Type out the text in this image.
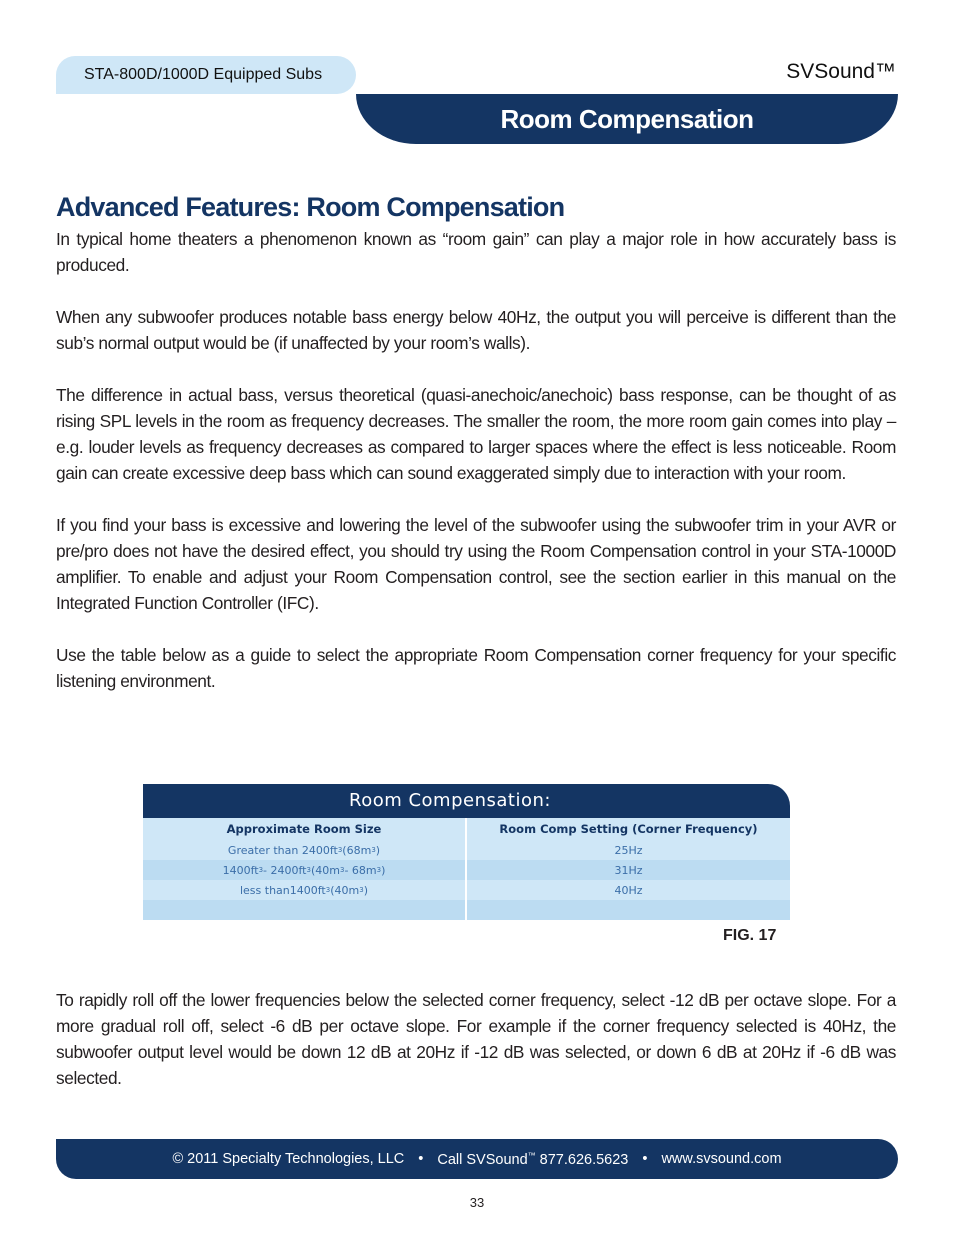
STA-800D/1000D Equipped Subs	SVSound™
Room Compensation
Advanced Features: Room Compensation

In typical home theaters a phenomenon known as “room gain” can play a major role in how accurately bass is produced.

When any subwoofer produces notable bass energy below 40Hz, the output you will perceive is different than the sub’s normal output would be (if unaffected by your room’s walls).

The difference in actual bass, versus theoretical (quasi-anechoic/anechoic) bass response, can be thought of as rising SPL levels in the room as frequency decreases. The smaller the room, the more room gain comes into play – e.g. louder levels as frequency decreases as compared to larger spaces where the effect is less noticeable. Room gain can create excessive deep bass which can sound exaggerated simply due to interaction with your room.

If you find your bass is excessive and lowering the level of the subwoofer using the subwoofer trim in your AVR or pre/pro does not have the desired effect, you should try using the Room Compensation control in your STA-1000D amplifier. To enable and adjust your Room Compensation control, see the section earlier in this manual on the Integrated Function Controller (IFC).

Use the table below as a guide to select the appropriate Room Compensation corner frequency for your specific listening environment.

Room Compensation:
Approximate Room Size	Room Comp Setting (Corner Frequency)
Greater than 2400ft 3 (68m 3 )	25Hz
1400ft 3 - 2400ft 3 (40m 3 - 68m 3 )	31Hz
less than1400ft 3 (40m 3 )	40Hz
FIG. 17

To rapidly roll off the lower frequencies below the selected corner frequency, select -12 dB per octave slope. For a more gradual roll off, select -6 dB per octave slope. For example if the corner frequency selected is 40Hz, the subwoofer output level would be down 12 dB at 20Hz if -12 dB was selected, or down 6 dB at 20Hz if -6 dB was selected.

© 2011 Specialty Technologies, LLC • Call SVSound™ 877.626.5623 • www.svsound.com
33
